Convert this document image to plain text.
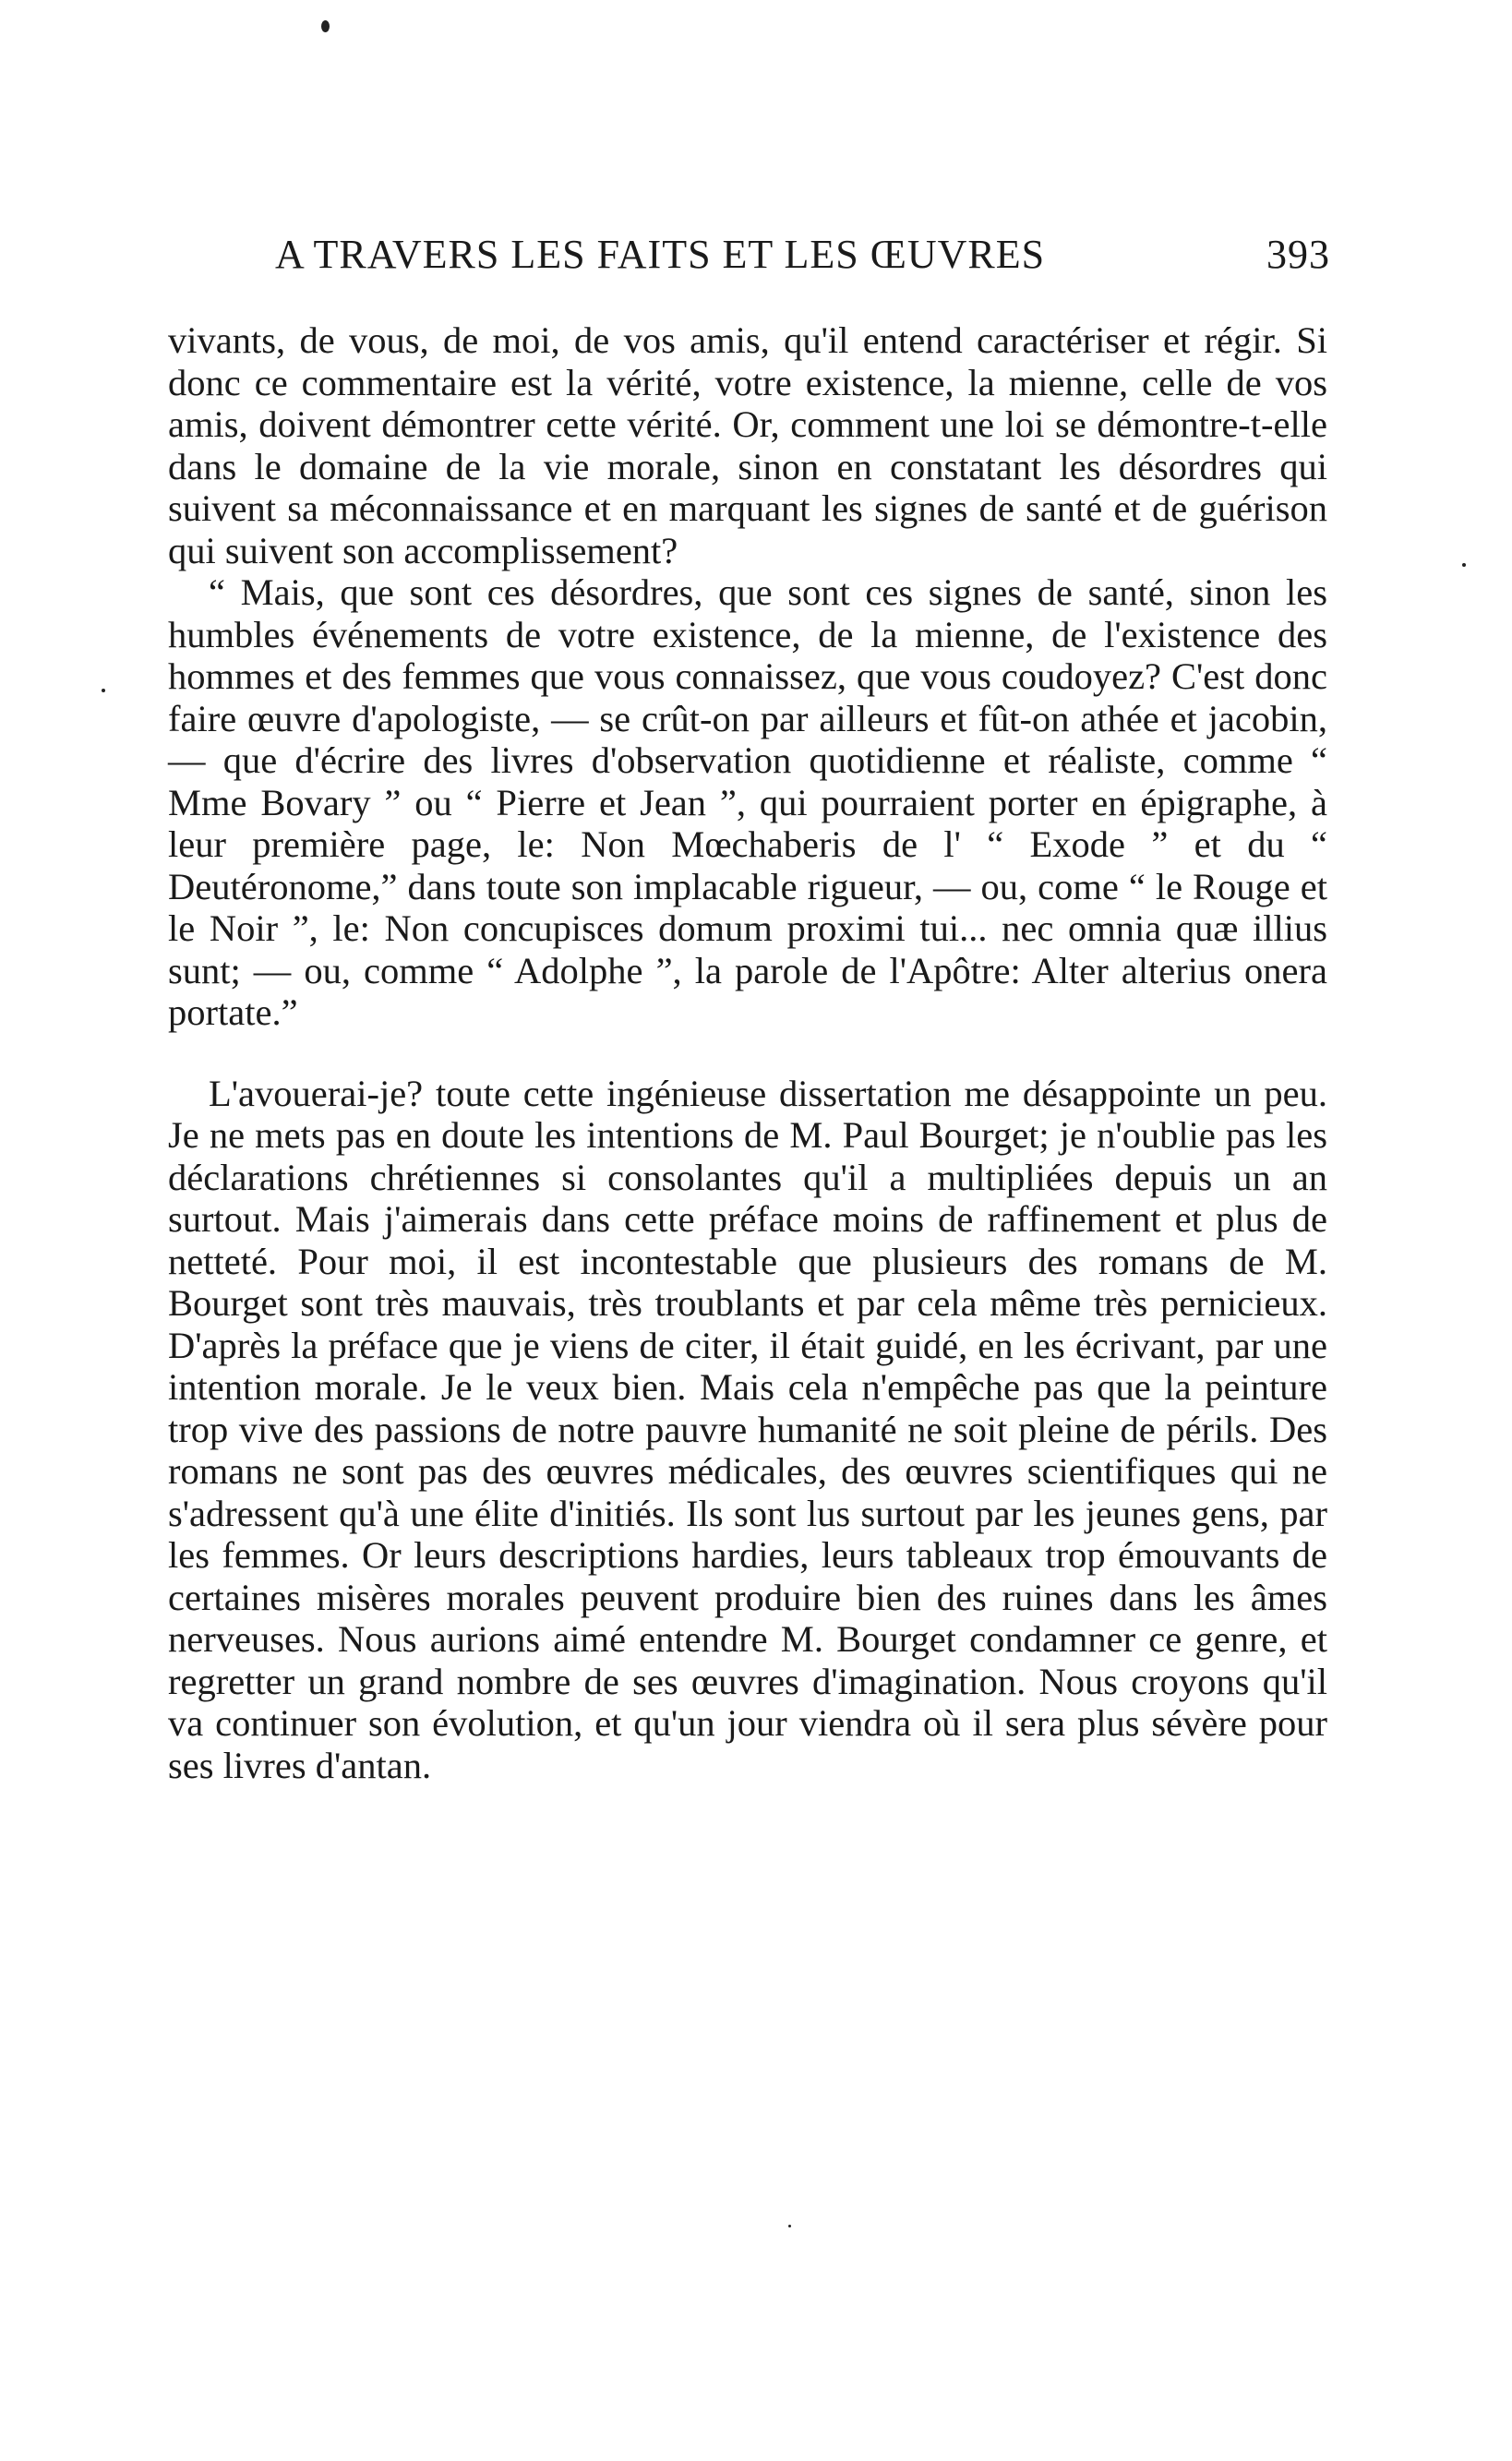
A TRAVERS LES FAITS ET LES ŒUVRES	393

vivants, de vous, de moi, de vos amis, qu'il entend caractériser et régir. Si donc ce commentaire est la vérité, votre existence, la mienne, celle de vos amis, doivent démontrer cette vérité. Or, comment une loi se démontre-t-elle dans le domaine de la vie morale, sinon en constatant les désordres qui suivent sa méconnaissance et en marquant les signes de santé et de guérison qui suivent son accomplissement?

“ Mais, que sont ces désordres, que sont ces signes de santé, sinon les humbles événements de votre existence, de la mienne, de l'existence des hommes et des femmes que vous connaissez, que vous coudoyez? C'est donc faire œuvre d'apologiste, — se crût-on par ailleurs et fût-on athée et jacobin, — que d'écrire des livres d'observation quotidienne et réaliste, comme “ Mme Bovary ” ou “ Pierre et Jean ”, qui pourraient porter en épigraphe, à leur première page, le: Non Mœchaberis de l' “ Exode ” et du “ Deutéronome,” dans toute son implacable rigueur, — ou, come “ le Rouge et le Noir ”, le: Non concupisces domum proximi tui... nec omnia quæ illius sunt; — ou, comme “ Adolphe ”, la parole de l'Apôtre: Alter alterius onera portate.”

L'avouerai-je? toute cette ingénieuse dissertation me désappointe un peu. Je ne mets pas en doute les intentions de M. Paul Bourget; je n'oublie pas les déclarations chrétiennes si consolantes qu'il a multipliées depuis un an surtout. Mais j'aimerais dans cette préface moins de raffinement et plus de netteté. Pour moi, il est incontestable que plusieurs des romans de M. Bourget sont très mauvais, très troublants et par cela même très pernicieux. D'après la préface que je viens de citer, il était guidé, en les écrivant, par une intention morale. Je le veux bien. Mais cela n'empêche pas que la peinture trop vive des passions de notre pauvre humanité ne soit pleine de périls. Des romans ne sont pas des œuvres médicales, des œuvres scientifiques qui ne s'adressent qu'à une élite d'initiés. Ils sont lus surtout par les jeunes gens, par les femmes. Or leurs descriptions hardies, leurs tableaux trop émouvants de certaines misères morales peuvent produire bien des ruines dans les âmes nerveuses. Nous aurions aimé entendre M. Bourget condamner ce genre, et regretter un grand nombre de ses œuvres d'imagination. Nous croyons qu'il va continuer son évolution, et qu'un jour viendra où il sera plus sévère pour ses livres d'antan.
